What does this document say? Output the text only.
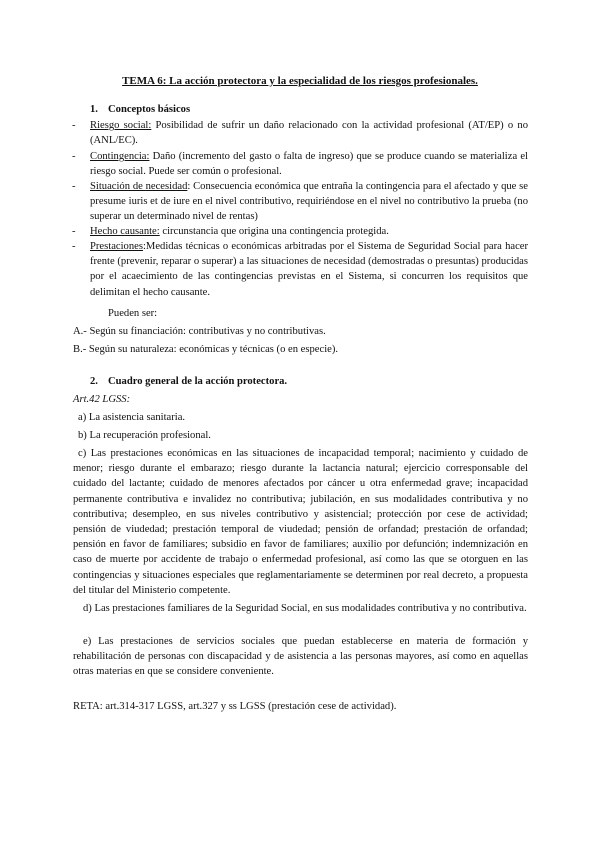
TEMA 6: La acción protectora y la especialidad de los riesgos profesionales.
1. Conceptos básicos
- Riesgo social: Posibilidad de sufrir un daño relacionado con la actividad profesional (AT/EP) o no (ANL/EC).
- Contingencia: Daño (incremento del gasto o falta de ingreso) que se produce cuando se materializa el riesgo social. Puede ser común o profesional.
- Situación de necesidad: Consecuencia económica que entraña la contingencia para el afectado y que se presume iuris et de iure en el nivel contributivo, requiriéndose en el nivel no contributivo la prueba (no superar un determinado nivel de rentas)
- Hecho causante: circunstancia que origina una contingencia protegida.
- Prestaciones:Medidas técnicas o económicas arbitradas por el Sistema de Seguridad Social para hacer frente (prevenir, reparar o superar) a las situaciones de necesidad (demostradas o presuntas) producidas por el acaecimiento de las contingencias previstas en el Sistema, si concurren los requisitos que delimitan el hecho causante.
Pueden ser:
A.- Según su financiación: contributivas y no contributivas.
B.- Según su naturaleza: económicas y técnicas (o en especie).
2. Cuadro general de la acción protectora.
Art.42 LGSS:
a) La asistencia sanitaria.
b) La recuperación profesional.
c) Las prestaciones económicas en las situaciones de incapacidad temporal; nacimiento y cuidado de menor; riesgo durante el embarazo; riesgo durante la lactancia natural; ejercicio corresponsable del cuidado del lactante; cuidado de menores afectados por cáncer u otra enfermedad grave; incapacidad permanente contributiva e invalidez no contributiva; jubilación, en sus modalidades contributiva y no contributiva; desempleo, en sus niveles contributivo y asistencial; protección por cese de actividad; pensión de viudedad; prestación temporal de viudedad; pensión de orfandad; prestación de orfandad; pensión en favor de familiares; subsidio en favor de familiares; auxilio por defunción; indemnización en caso de muerte por accidente de trabajo o enfermedad profesional, así como las que se otorguen en las contingencias y situaciones especiales que reglamentariamente se determinen por real decreto, a propuesta del titular del Ministerio competente.
d) Las prestaciones familiares de la Seguridad Social, en sus modalidades contributiva y no contributiva.
e) Las prestaciones de servicios sociales que puedan establecerse en materia de formación y rehabilitación de personas con discapacidad y de asistencia a las personas mayores, así como en aquellas otras materias en que se considere conveniente.
RETA: art.314-317 LGSS, art.327 y ss LGSS (prestación cese de actividad).
